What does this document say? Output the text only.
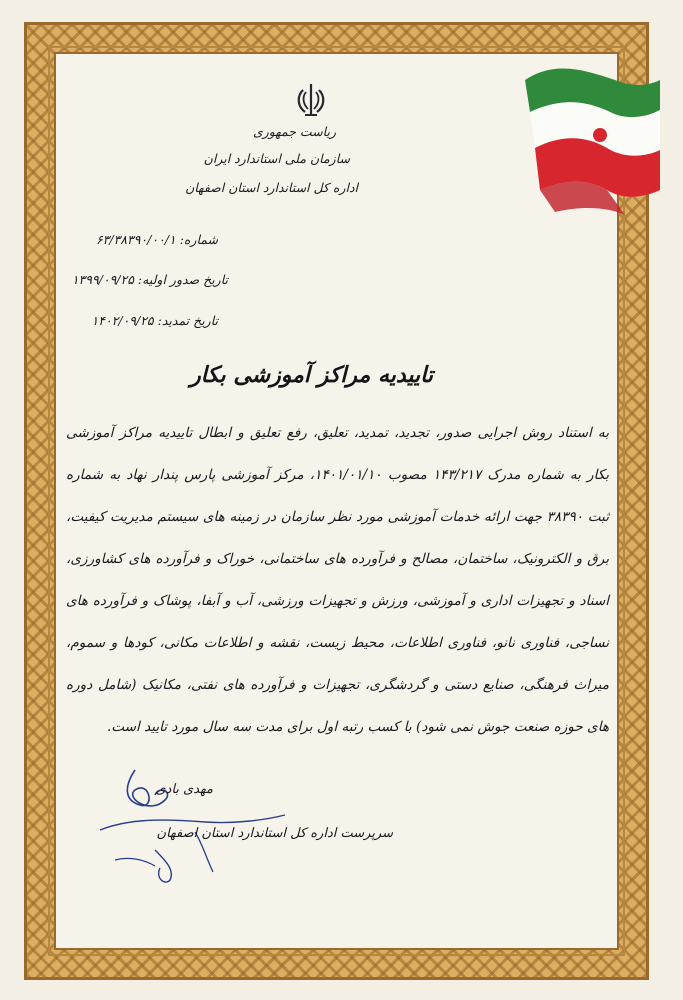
ریاست جمهوری
سازمان ملی استاندارد ایران
اداره کل استاندارد استان اصفهان
شماره: ۶۳/۳۸۳۹۰/۰۰/۱
تاریخ صدور اولیه: ۱۳۹۹/۰۹/۲۵
تاریخ تمدید: ۱۴۰۲/۰۹/۲۵
تاییدیه مراکز آموزشی بکار
به استناد روش اجرایی صدور، تجدید، تمدید، تعلیق، رفع تعلیق و ابطال تاییدیه مراکز آموزشی بکار به شماره مدرک ۱۴۳/۲۱۷ مصوب ۱۴۰۱/۰۱/۱۰، مرکز آموزشی پارس پندار نهاد به شماره ثبت ۳۸۳۹۰ جهت ارائه خدمات آموزشی مورد نظر سازمان در زمینه های سیستم مدیریت کیفیت، برق و الکترونیک، ساختمان، مصالح و فرآورده های ساختمانی، خوراک و فرآورده های کشاورزی، اسناد و تجهیزات اداری و آموزشی، ورزش و تجهیزات ورزشی، آب و آبفا، پوشاک و فرآورده های نساجی، فناوری نانو، فناوری اطلاعات، محیط زیست، نقشه و اطلاعات مکانی، کودها و سموم، میراث فرهنگی، صنایع دستی و گردشگری، تجهیزات و فرآورده های نفتی، مکانیک (شامل دوره های حوزه صنعت جوش نمی شود) با کسب رتبه اول برای مدت سه سال مورد تایید است.
مهدی بادی
سرپرست اداره کل استاندارد استان اصفهان
